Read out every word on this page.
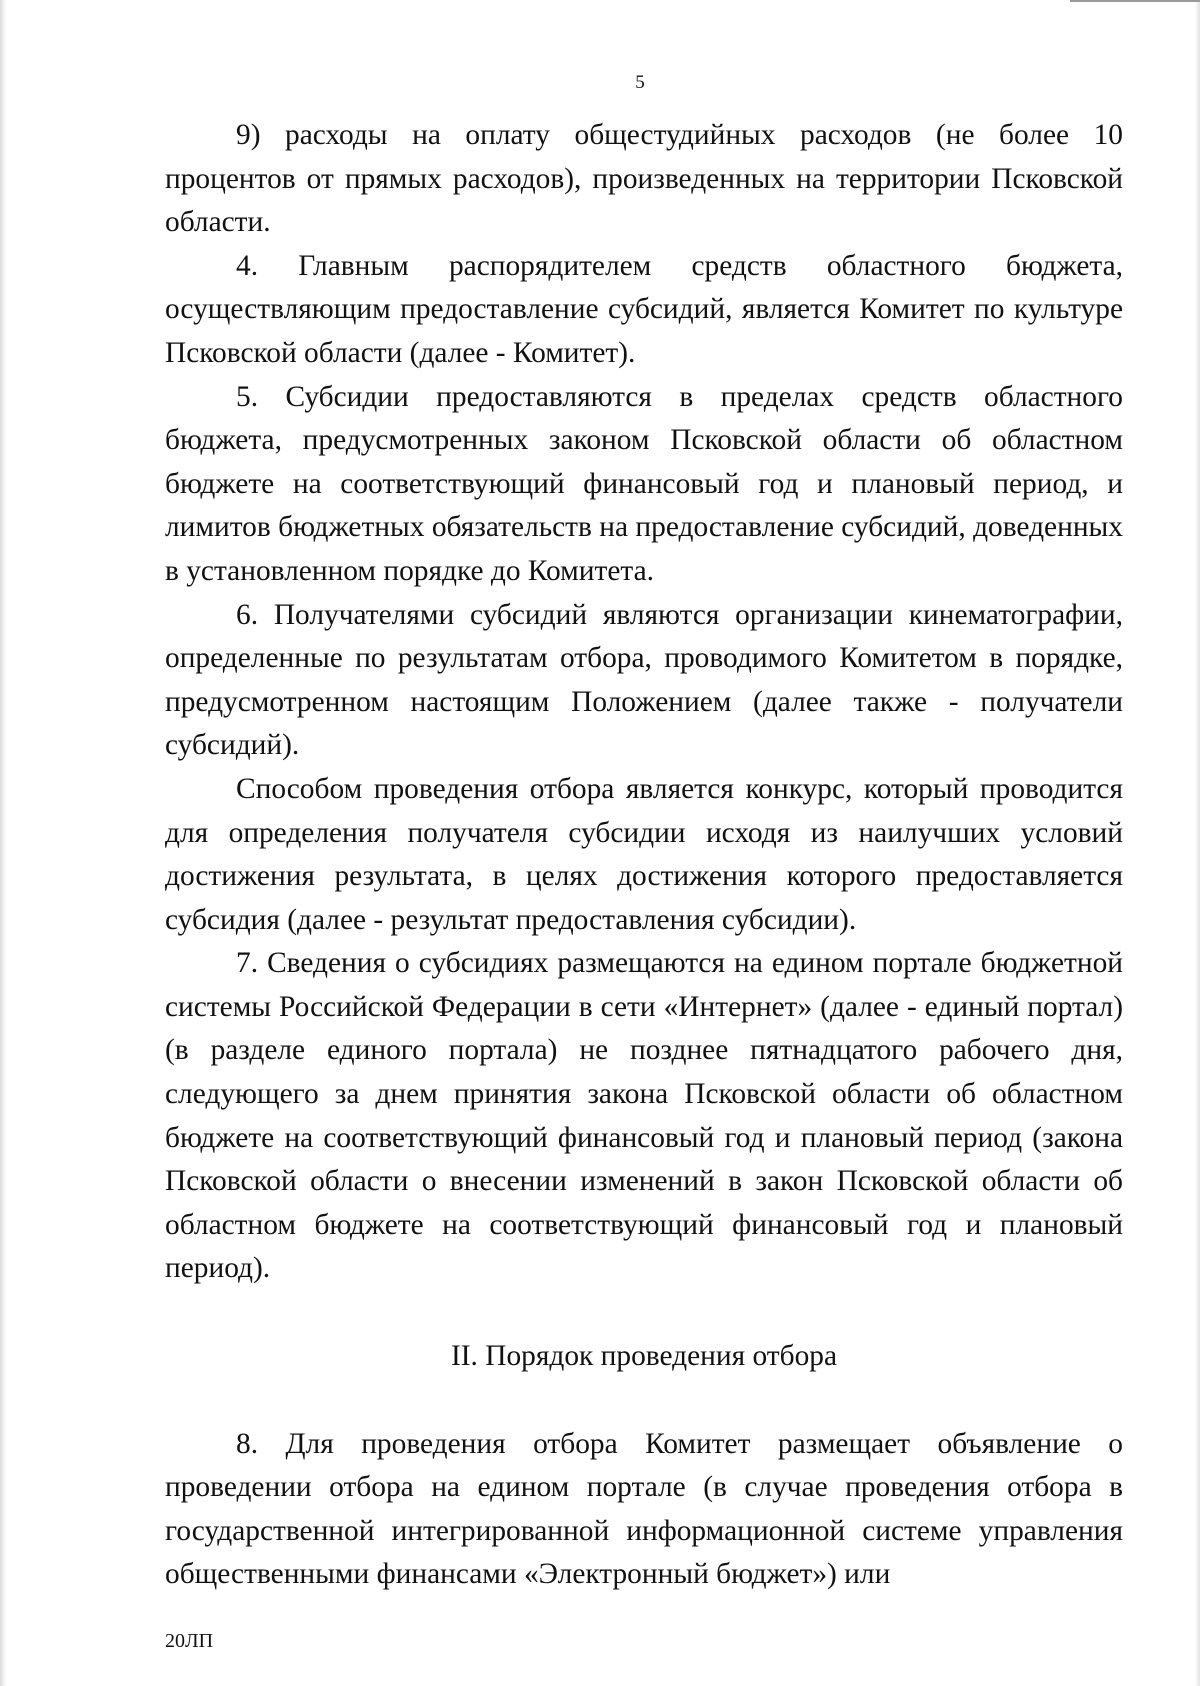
5

9) расходы на оплату общестудийных расходов (не более 10 процентов от прямых расходов), произведенных на территории Псковской области.

4. Главным распорядителем средств областного бюджета, осуществляющим предоставление субсидий, является Комитет по культуре Псковской области (далее - Комитет).

5. Субсидии предоставляются в пределах средств областного бюджета, предусмотренных законом Псковской области об областном бюджете на соответствующий финансовый год и плановый период, и лимитов бюджетных обязательств на предоставление субсидий, доведенных в установленном порядке до Комитета.

6. Получателями субсидий являются организации кинематографии, определенные по результатам отбора, проводимого Комитетом в порядке, предусмотренном настоящим Положением (далее также - получатели субсидий).

Способом проведения отбора является конкурс, который проводится для определения получателя субсидии исходя из наилучших условий достижения результата, в целях достижения которого предоставляется субсидия (далее - результат предоставления субсидии).

7. Сведения о субсидиях размещаются на едином портале бюджетной системы Российской Федерации в сети «Интернет» (далее - единый портал) (в разделе единого портала) не позднее пятнадцатого рабочего дня, следующего за днем принятия закона Псковской области об областном бюджете на соответствующий финансовый год и плановый период (закона Псковской области о внесении изменений в закон Псковской области об областном бюджете на соответствующий финансовый год и плановый период).

II. Порядок проведения отбора

8. Для проведения отбора Комитет размещает объявление о проведении отбора на едином портале (в случае проведения отбора в государственной интегрированной информационной системе управления общественными финансами «Электронный бюджет») или

20ЛП
